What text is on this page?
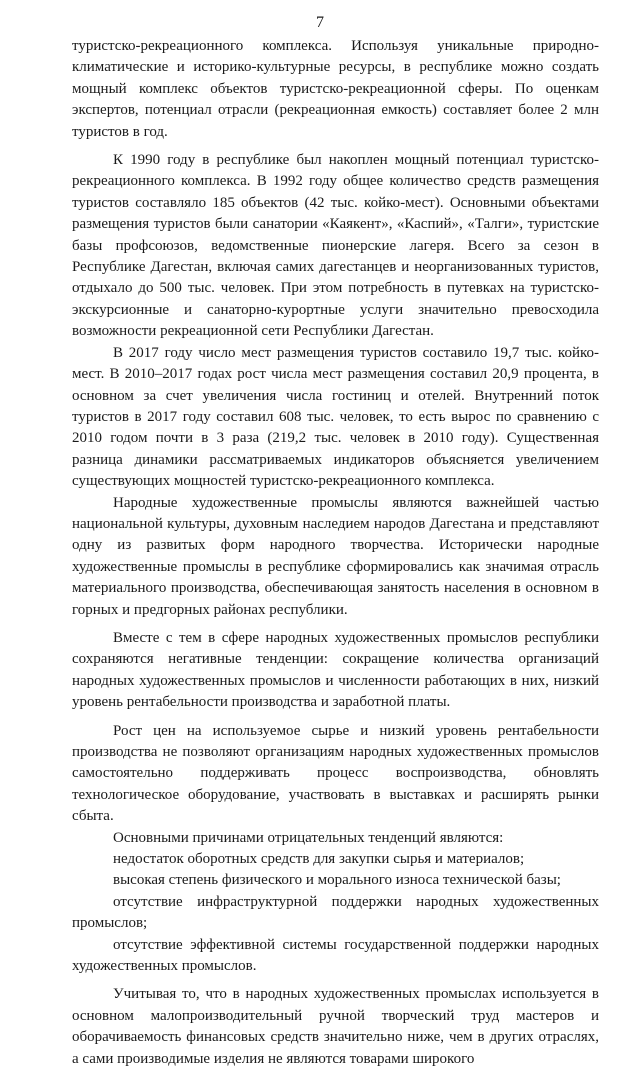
7

туристско-рекреационного комплекса. Используя уникальные природно-климатические и историко-культурные ресурсы, в республике можно создать мощный комплекс объектов туристско-рекреационной сферы. По оценкам экспертов, потенциал отрасли (рекреационная емкость) составляет более 2 млн туристов в год.

К 1990 году в республике был накоплен мощный потенциал туристско-рекреационного комплекса. В 1992 году общее количество средств размещения туристов составляло 185 объектов (42 тыс. койко-мест). Основными объектами размещения туристов были санатории «Каякент», «Каспий», «Талги», туристские базы профсоюзов, ведомственные пионерские лагеря. Всего за сезон в Республике Дагестан, включая самих дагестанцев и неорганизованных туристов, отдыхало до 500 тыс. человек. При этом потребность в путевках на туристско-экскурсионные и санаторно-курортные услуги значительно превосходила возможности рекреационной сети Республики Дагестан.

В 2017 году число мест размещения туристов составило 19,7 тыс. койко-мест. В 2010–2017 годах рост числа мест размещения составил 20,9 процента, в основном за счет увеличения числа гостиниц и отелей. Внутренний поток туристов в 2017 году составил 608 тыс. человек, то есть вырос по сравнению с 2010 годом почти в 3 раза (219,2 тыс. человек в 2010 году). Существенная разница динамики рассматриваемых индикаторов объясняется увеличением существующих мощностей туристско-рекреационного комплекса.

Народные художественные промыслы являются важнейшей частью национальной культуры, духовным наследием народов Дагестана и представляют одну из развитых форм народного творчества. Исторически народные художественные промыслы в республике сформировались как значимая отрасль материального производства, обеспечивающая занятость населения в основном в горных и предгорных районах республики.

Вместе с тем в сфере народных художественных промыслов республики сохраняются негативные тенденции: сокращение количества организаций народных художественных промыслов и численности работающих в них, низкий уровень рентабельности производства и заработной платы.

Рост цен на используемое сырье и низкий уровень рентабельности производства не позволяют организациям народных художественных промыслов самостоятельно поддерживать процесс воспроизводства, обновлять технологическое оборудование, участвовать в выставках и расширять рынки сбыта.

Основными причинами отрицательных тенденций являются:

недостаток оборотных средств для закупки сырья и материалов;

высокая степень физического и морального износа технической базы;

отсутствие инфраструктурной поддержки народных художественных промыслов;

отсутствие эффективной системы государственной поддержки народных художественных промыслов.

Учитывая то, что в народных художественных промыслах используется в основном малопроизводительный ручной творческий труд мастеров и оборачиваемость финансовых средств значительно ниже, чем в других отраслях, а сами производимые изделия не являются товарами широкого
